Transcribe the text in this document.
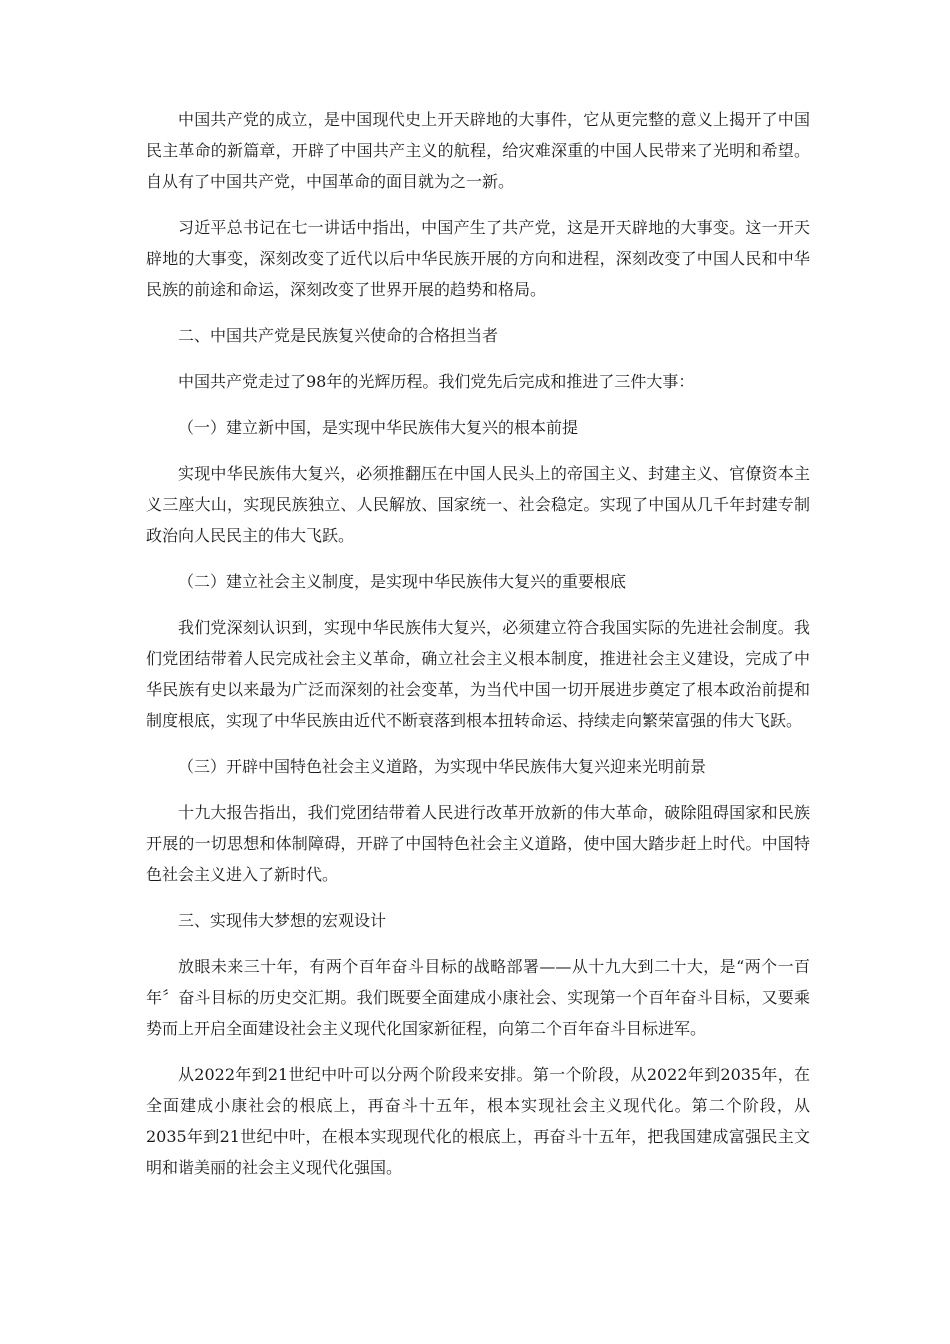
中国共产党的成立，是中国现代史上开天辟地的大事件，它从更完整的意义上揭开了中国民主革命的新篇章，开辟了中国共产主义的航程，给灾难深重的中国人民带来了光明和希望。自从有了中国共产党，中国革命的面目就为之一新。

习近平总书记在七一讲话中指出，中国产生了共产党，这是开天辟地的大事变。这一开天辟地的大事变，深刻改变了近代以后中华民族开展的方向和进程，深刻改变了中国人民和中华民族的前途和命运，深刻改变了世界开展的趋势和格局。

二、中国共产党是民族复兴使命的合格担当者

中国共产党走过了98年的光辉历程。我们党先后完成和推进了三件大事：

（一）建立新中国，是实现中华民族伟大复兴的根本前提

实现中华民族伟大复兴，必须推翻压在中国人民头上的帝国主义、封建主义、官僚资本主义三座大山，实现民族独立、人民解放、国家统一、社会稳定。实现了中国从几千年封建专制政治向人民民主的伟大飞跃。

（二）建立社会主义制度，是实现中华民族伟大复兴的重要根底

我们党深刻认识到，实现中华民族伟大复兴，必须建立符合我国实际的先进社会制度。我们党团结带着人民完成社会主义革命，确立社会主义根本制度，推进社会主义建设，完成了中华民族有史以来最为广泛而深刻的社会变革，为当代中国一切开展进步奠定了根本政治前提和制度根底，实现了中华民族由近代不断衰落到根本扭转命运、持续走向繁荣富强的伟大飞跃。

（三）开辟中国特色社会主义道路，为实现中华民族伟大复兴迎来光明前景

十九大报告指出，我们党团结带着人民进行改革开放新的伟大革命，破除阻碍国家和民族开展的一切思想和体制障碍，开辟了中国特色社会主义道路，使中国大踏步赶上时代。中国特色社会主义进入了新时代。

三、实现伟大梦想的宏观设计

放眼未来三十年，有两个百年奋斗目标的战略部署——从十九大到二十大，是“两个一百年〞奋斗目标的历史交汇期。我们既要全面建成小康社会、实现第一个百年奋斗目标，又要乘势而上开启全面建设社会主义现代化国家新征程，向第二个百年奋斗目标进军。

从2022年到21世纪中叶可以分两个阶段来安排。第一个阶段，从2022年到2035年，在全面建成小康社会的根底上，再奋斗十五年，根本实现社会主义现代化。第二个阶段，从2035年到21世纪中叶，在根本实现现代化的根底上，再奋斗十五年，把我国建成富强民主文明和谐美丽的社会主义现代化强国。
